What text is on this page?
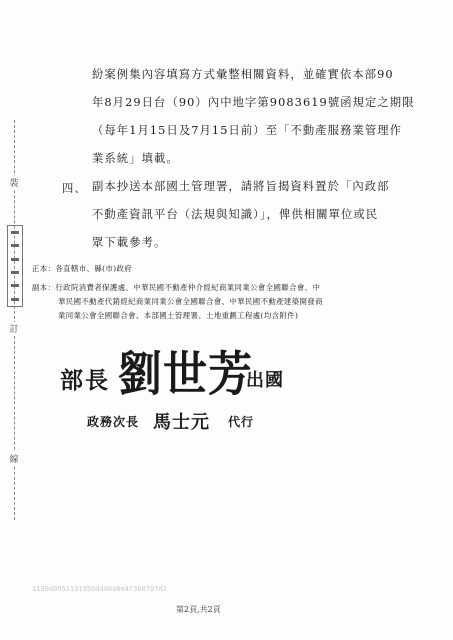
裝
訂
線
紛案例集內容填寫方式彙整相關資料，並確實依本部90
年8月29日台（90）內中地字第9083619號函規定之期限
（每年1月15日及7月15日前）至「不動產服務業管理作
業系統」填載。
四、 副本抄送本部國土管理署，請將旨揭資料置於「內政部
不動產資訊平台（法規與知識）」，俾供相關單位或民
眾下載參考。
正本：各直轄市、縣(市)政府
副本：行政院消費者保護處、中華民國不動產仲介經紀商業同業公會全國聯合會、中
華民國不動產代銷經紀商業同業公會全國聯合會、中華民國不動產建築開發商
業同業公會全國聯合會、本部國土管理署、土地重劃工程處(均含附件)
部長 劉世芳
出國
政務次長 馬士元 代行
1130d0951131950d4d0a6e4f3b8707d2
第2頁,共2頁
